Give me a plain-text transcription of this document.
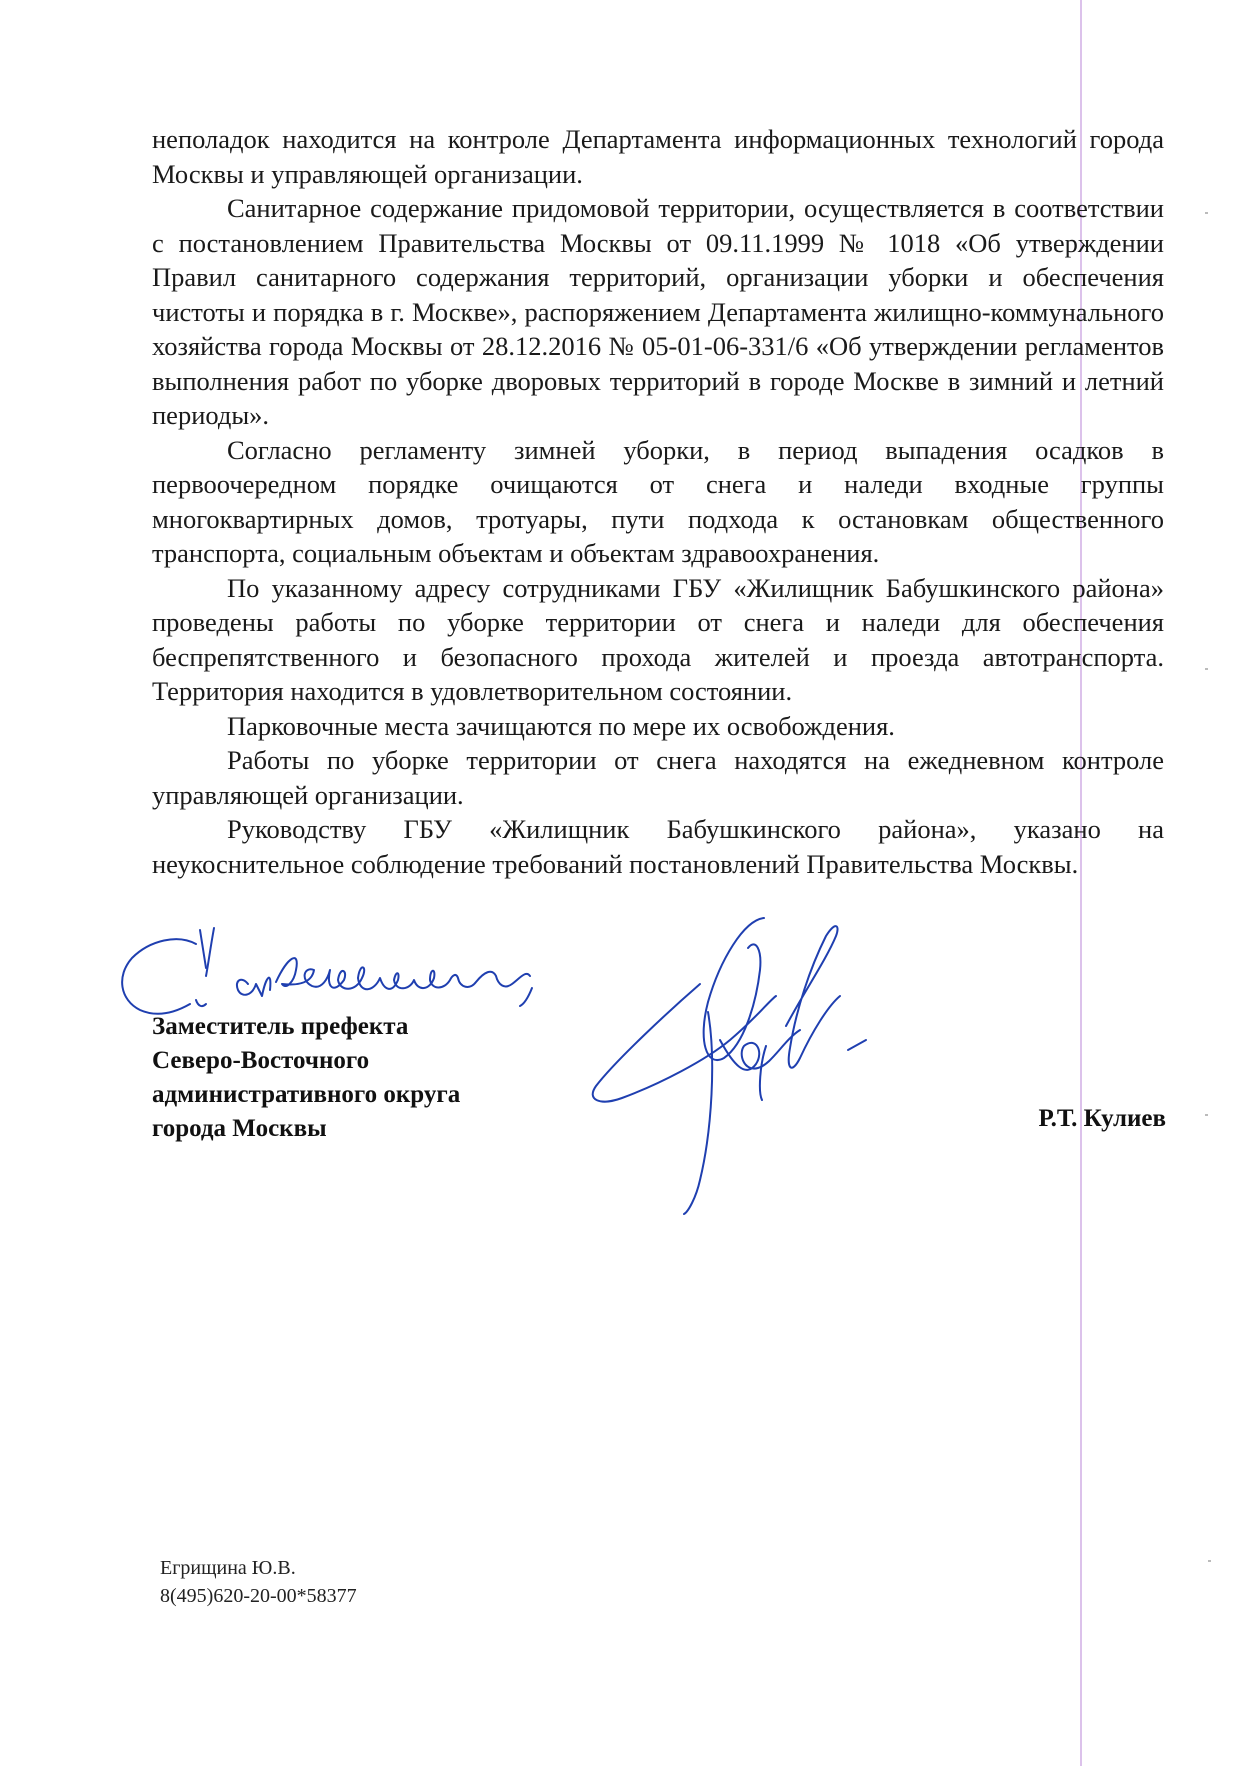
неполадок находится на контроле Департамента информационных технологий города Москвы и управляющей организации.

Санитарное содержание придомовой территории, осуществляется в соответствии с постановлением Правительства Москвы от 09.11.1999 № 1018 «Об утверждении Правил санитарного содержания территорий, организации уборки и обеспечения чистоты и порядка в г. Москве», распоряжением Департамента жилищно-коммунального хозяйства города Москвы от 28.12.2016 № 05-01-06-331/6 «Об утверждении регламентов выполнения работ по уборке дворовых территорий в городе Москве в зимний и летний периоды».

Согласно регламенту зимней уборки, в период выпадения осадков в первоочередном порядке очищаются от снега и наледи входные группы многоквартирных домов, тротуары, пути подхода к остановкам общественного транспорта, социальным объектам и объектам здравоохранения.

По указанному адресу сотрудниками ГБУ «Жилищник Бабушкинского района» проведены работы по уборке территории от снега и наледи для обеспечения беспрепятственного и безопасного прохода жителей и проезда автотранспорта. Территория находится в удовлетворительном состоянии.

Парковочные места зачищаются по мере их освобождения.

Работы по уборке территории от снега находятся на ежедневном контроле управляющей организации.

Руководству ГБУ «Жилищник Бабушкинского района», указано на неукоснительное соблюдение требований постановлений Правительства Москвы.

Заместитель префекта
Северо-Восточного
административного округа
города Москвы	Р.Т. Кулиев
Егрищина Ю.В.
8(495)620-20-00*58377
